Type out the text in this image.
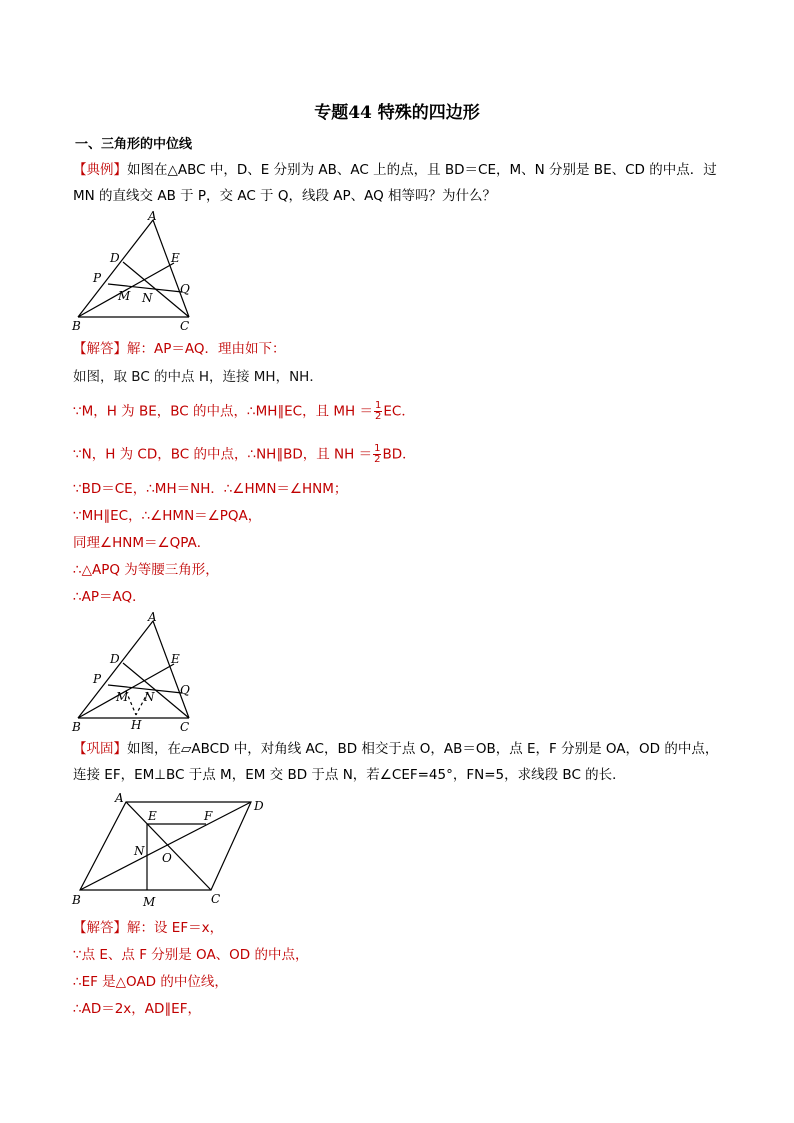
专题44 特殊的四边形
一、三角形的中位线
【典例】如图在△ABC 中，D、E 分别为 AB、AC 上的点，且 BD＝CE，M、N 分别是 BE、CD 的中点．过
MN 的直线交 AB 于 P，交 AC 于 Q，线段 AP、AQ 相等吗？为什么？
A
D	E
P
Q
M N
B	C
【解答】解：AP＝AQ．理由如下：
如图，取 BC 的中点 H，连接 MH，NH．
∵M，H 为 BE，BC 的中点，∴MH∥EC，且 MH ＝ $\frac{1}{2}$ EC．
∵N，H 为 CD，BC 的中点，∴NH∥BD，且 NH ＝ $\frac{1}{2}$ BD．
∵BD＝CE，∴MH＝NH．∴∠HMN＝∠HNM；
∵MH∥EC，∴∠HMN＝∠PQA，
同理∠HNM＝∠QPA．
∴△APQ 为等腰三角形，
∴AP＝AQ．
A
D	E
P
Q
M N
H
B	C
【巩固】如图，在▱ABCD 中，对角线 AC，BD 相交于点 O，AB＝OB，点 E，F 分别是 OA，OD 的中点，
连接 EF，EM⊥BC 于点 M，EM 交 BD 于点 N，若∠CEF=45°，FN=5，求线段 BC 的长．
A
D
E	F
N O
B	M	C
【解答】解：设 EF＝x，
∵点 E、点 F 分别是 OA、OD 的中点，
∴EF 是△OAD 的中位线，
∴AD＝2x，AD∥EF，
